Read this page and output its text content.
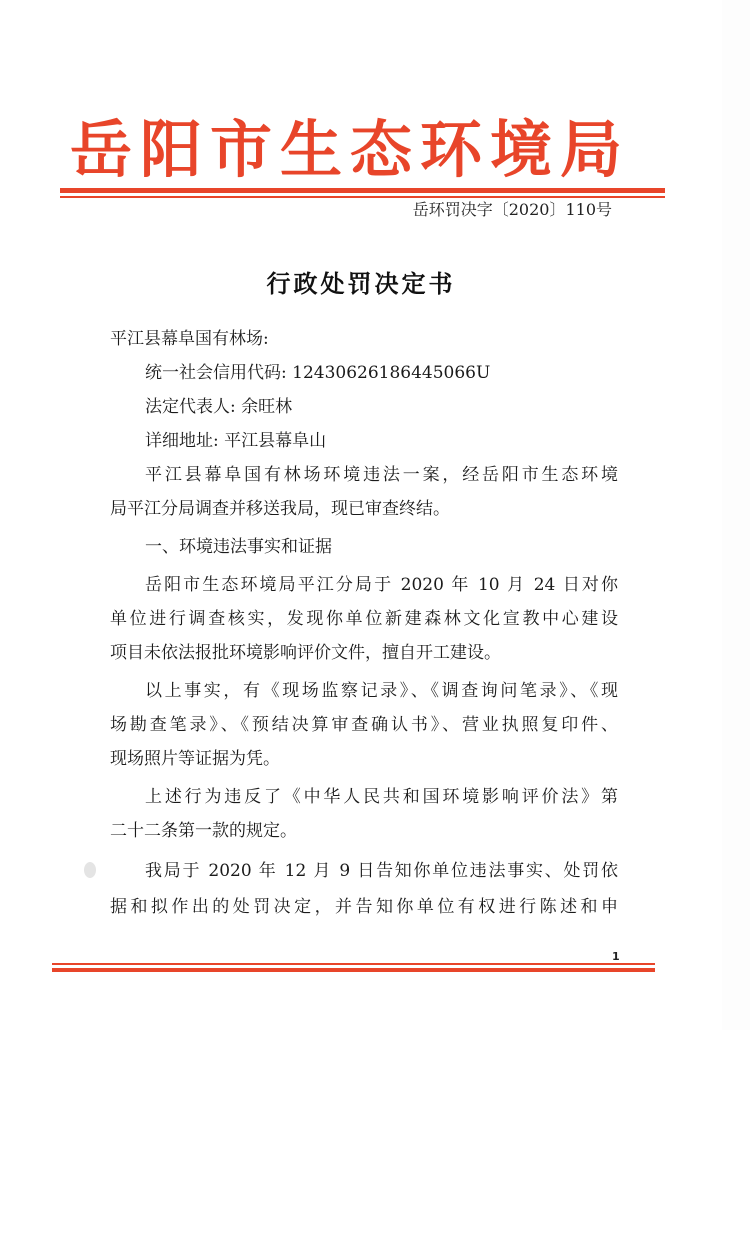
岳阳市生态环境局
岳环罚决字〔2020〕110号
行政处罚决定书
平江县幕阜国有林场:
统一社会信用代码: 12430626186445066U
法定代表人: 余旺林
详细地址: 平江县幕阜山
平江县幕阜国有林场环境违法一案，经岳阳市生态环境
局平江分局调查并移送我局，现已审查终结。
一、环境违法事实和证据
岳阳市生态环境局平江分局于 2020 年 10 月 24 日对你
单位进行调查核实，发现你单位新建森林文化宣教中心建设
项目未依法报批环境影响评价文件，擅自开工建设。
以上事实，有《现场监察记录》、《调查询问笔录》、《现
场勘查笔录》、《预结决算审查确认书》、营业执照复印件、
现场照片等证据为凭。
上述行为违反了《中华人民共和国环境影响评价法》第
二十二条第一款的规定。
我局于 2020 年 12 月 9 日告知你单位违法事实、处罚依
据和拟作出的处罚决定，并告知你单位有权进行陈述和申
1
